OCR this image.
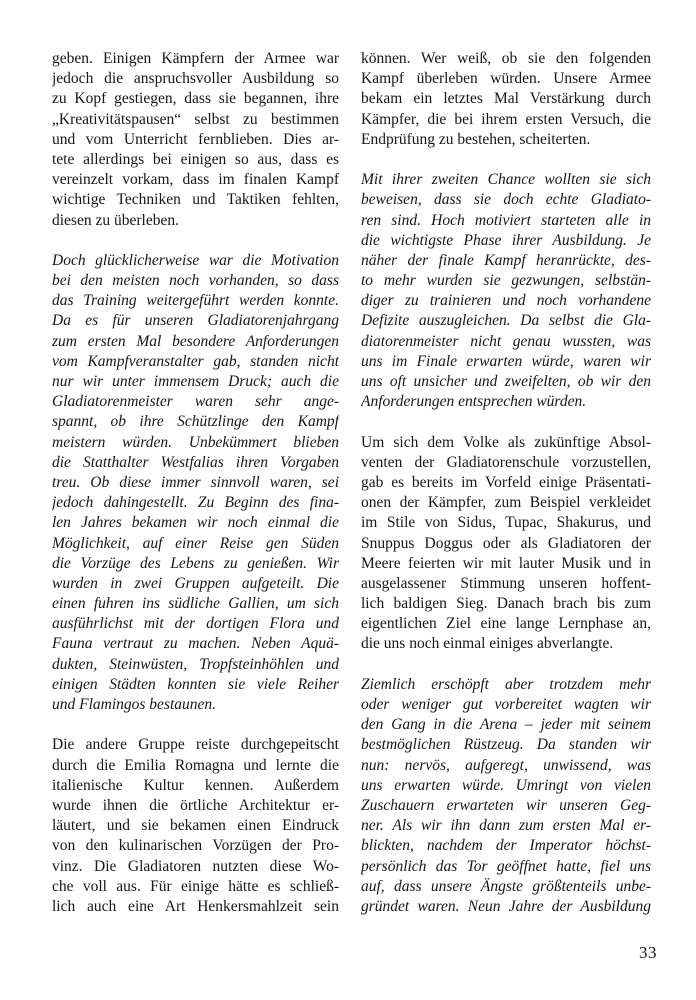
geben. Einigen Kämpfern der Armee war
jedoch die anspruchsvoller Ausbildung so
zu Kopf gestiegen, dass sie begannen, ihre
„Kreativitätspausen“ selbst zu bestimmen
und vom Unterricht fernblieben. Dies ar-
tete allerdings bei einigen so aus, dass es
vereinzelt vorkam, dass im finalen Kampf
wichtige Techniken und Taktiken fehlten,
diesen zu überleben.

Doch glücklicherweise war die Motivation
bei den meisten noch vorhanden, so dass
das Training weitergeführt werden konnte.
Da es für unseren Gladiatorenjahrgang
zum ersten Mal besondere Anforderungen
vom Kampfveranstalter gab, standen nicht
nur wir unter immensem Druck; auch die
Gladiatorenmeister waren sehr ange-
spannt, ob ihre Schützlinge den Kampf
meistern würden. Unbekümmert blieben
die Statthalter Westfalias ihren Vorgaben
treu. Ob diese immer sinnvoll waren, sei
jedoch dahingestellt. Zu Beginn des fina-
len Jahres bekamen wir noch einmal die
Möglichkeit, auf einer Reise gen Süden
die Vorzüge des Lebens zu genießen. Wir
wurden in zwei Gruppen aufgeteilt. Die
einen fuhren ins südliche Gallien, um sich
ausführlichst mit der dortigen Flora und
Fauna vertraut zu machen. Neben Aquä-
dukten, Steinwüsten, Tropfsteinhöhlen und
einigen Städten konnten sie viele Reiher
und Flamingos bestaunen.

Die andere Gruppe reiste durchgepeitscht
durch die Emilia Romagna und lernte die
italienische Kultur kennen. Außerdem
wurde ihnen die örtliche Architektur er-
läutert, und sie bekamen einen Eindruck
von den kulinarischen Vorzügen der Pro-
vinz. Die Gladiatoren nutzten diese Wo-
che voll aus. Für einige hätte es schließ-
lich auch eine Art Henkersmahlzeit sein

können. Wer weiß, ob sie den folgenden
Kampf überleben würden. Unsere Armee
bekam ein letztes Mal Verstärkung durch
Kämpfer, die bei ihrem ersten Versuch, die
Endprüfung zu bestehen, scheiterten.

Mit ihrer zweiten Chance wollten sie sich
beweisen, dass sie doch echte Gladiato-
ren sind. Hoch motiviert starteten alle in
die wichtigste Phase ihrer Ausbildung. Je
näher der finale Kampf heranrückte, des-
to mehr wurden sie gezwungen, selbstän-
diger zu trainieren und noch vorhandene
Defizite auszugleichen. Da selbst die Gla-
diatorenmeister nicht genau wussten, was
uns im Finale erwarten würde, waren wir
uns oft unsicher und zweifelten, ob wir den
Anforderungen entsprechen würden.

Um sich dem Volke als zukünftige Absol-
venten der Gladiatorenschule vorzustellen,
gab es bereits im Vorfeld einige Präsentati-
onen der Kämpfer, zum Beispiel verkleidet
im Stile von Sidus, Tupac, Shakurus, und
Snuppus Doggus oder als Gladiatoren der
Meere feierten wir mit lauter Musik und in
ausgelassener Stimmung unseren hoffent-
lich baldigen Sieg. Danach brach bis zum
eigentlichen Ziel eine lange Lernphase an,
die uns noch einmal einiges abverlangte.

Ziemlich erschöpft aber trotzdem mehr
oder weniger gut vorbereitet wagten wir
den Gang in die Arena – jeder mit seinem
bestmöglichen Rüstzeug. Da standen wir
nun: nervös, aufgeregt, unwissend, was
uns erwarten würde. Umringt von vielen
Zuschauern erwarteten wir unseren Geg-
ner. Als wir ihn dann zum ersten Mal er-
blickten, nachdem der Imperator höchst-
persönlich das Tor geöffnet hatte, fiel uns
auf, dass unsere Ängste größtenteils unbe-
gründet waren. Neun Jahre der Ausbildung

33
